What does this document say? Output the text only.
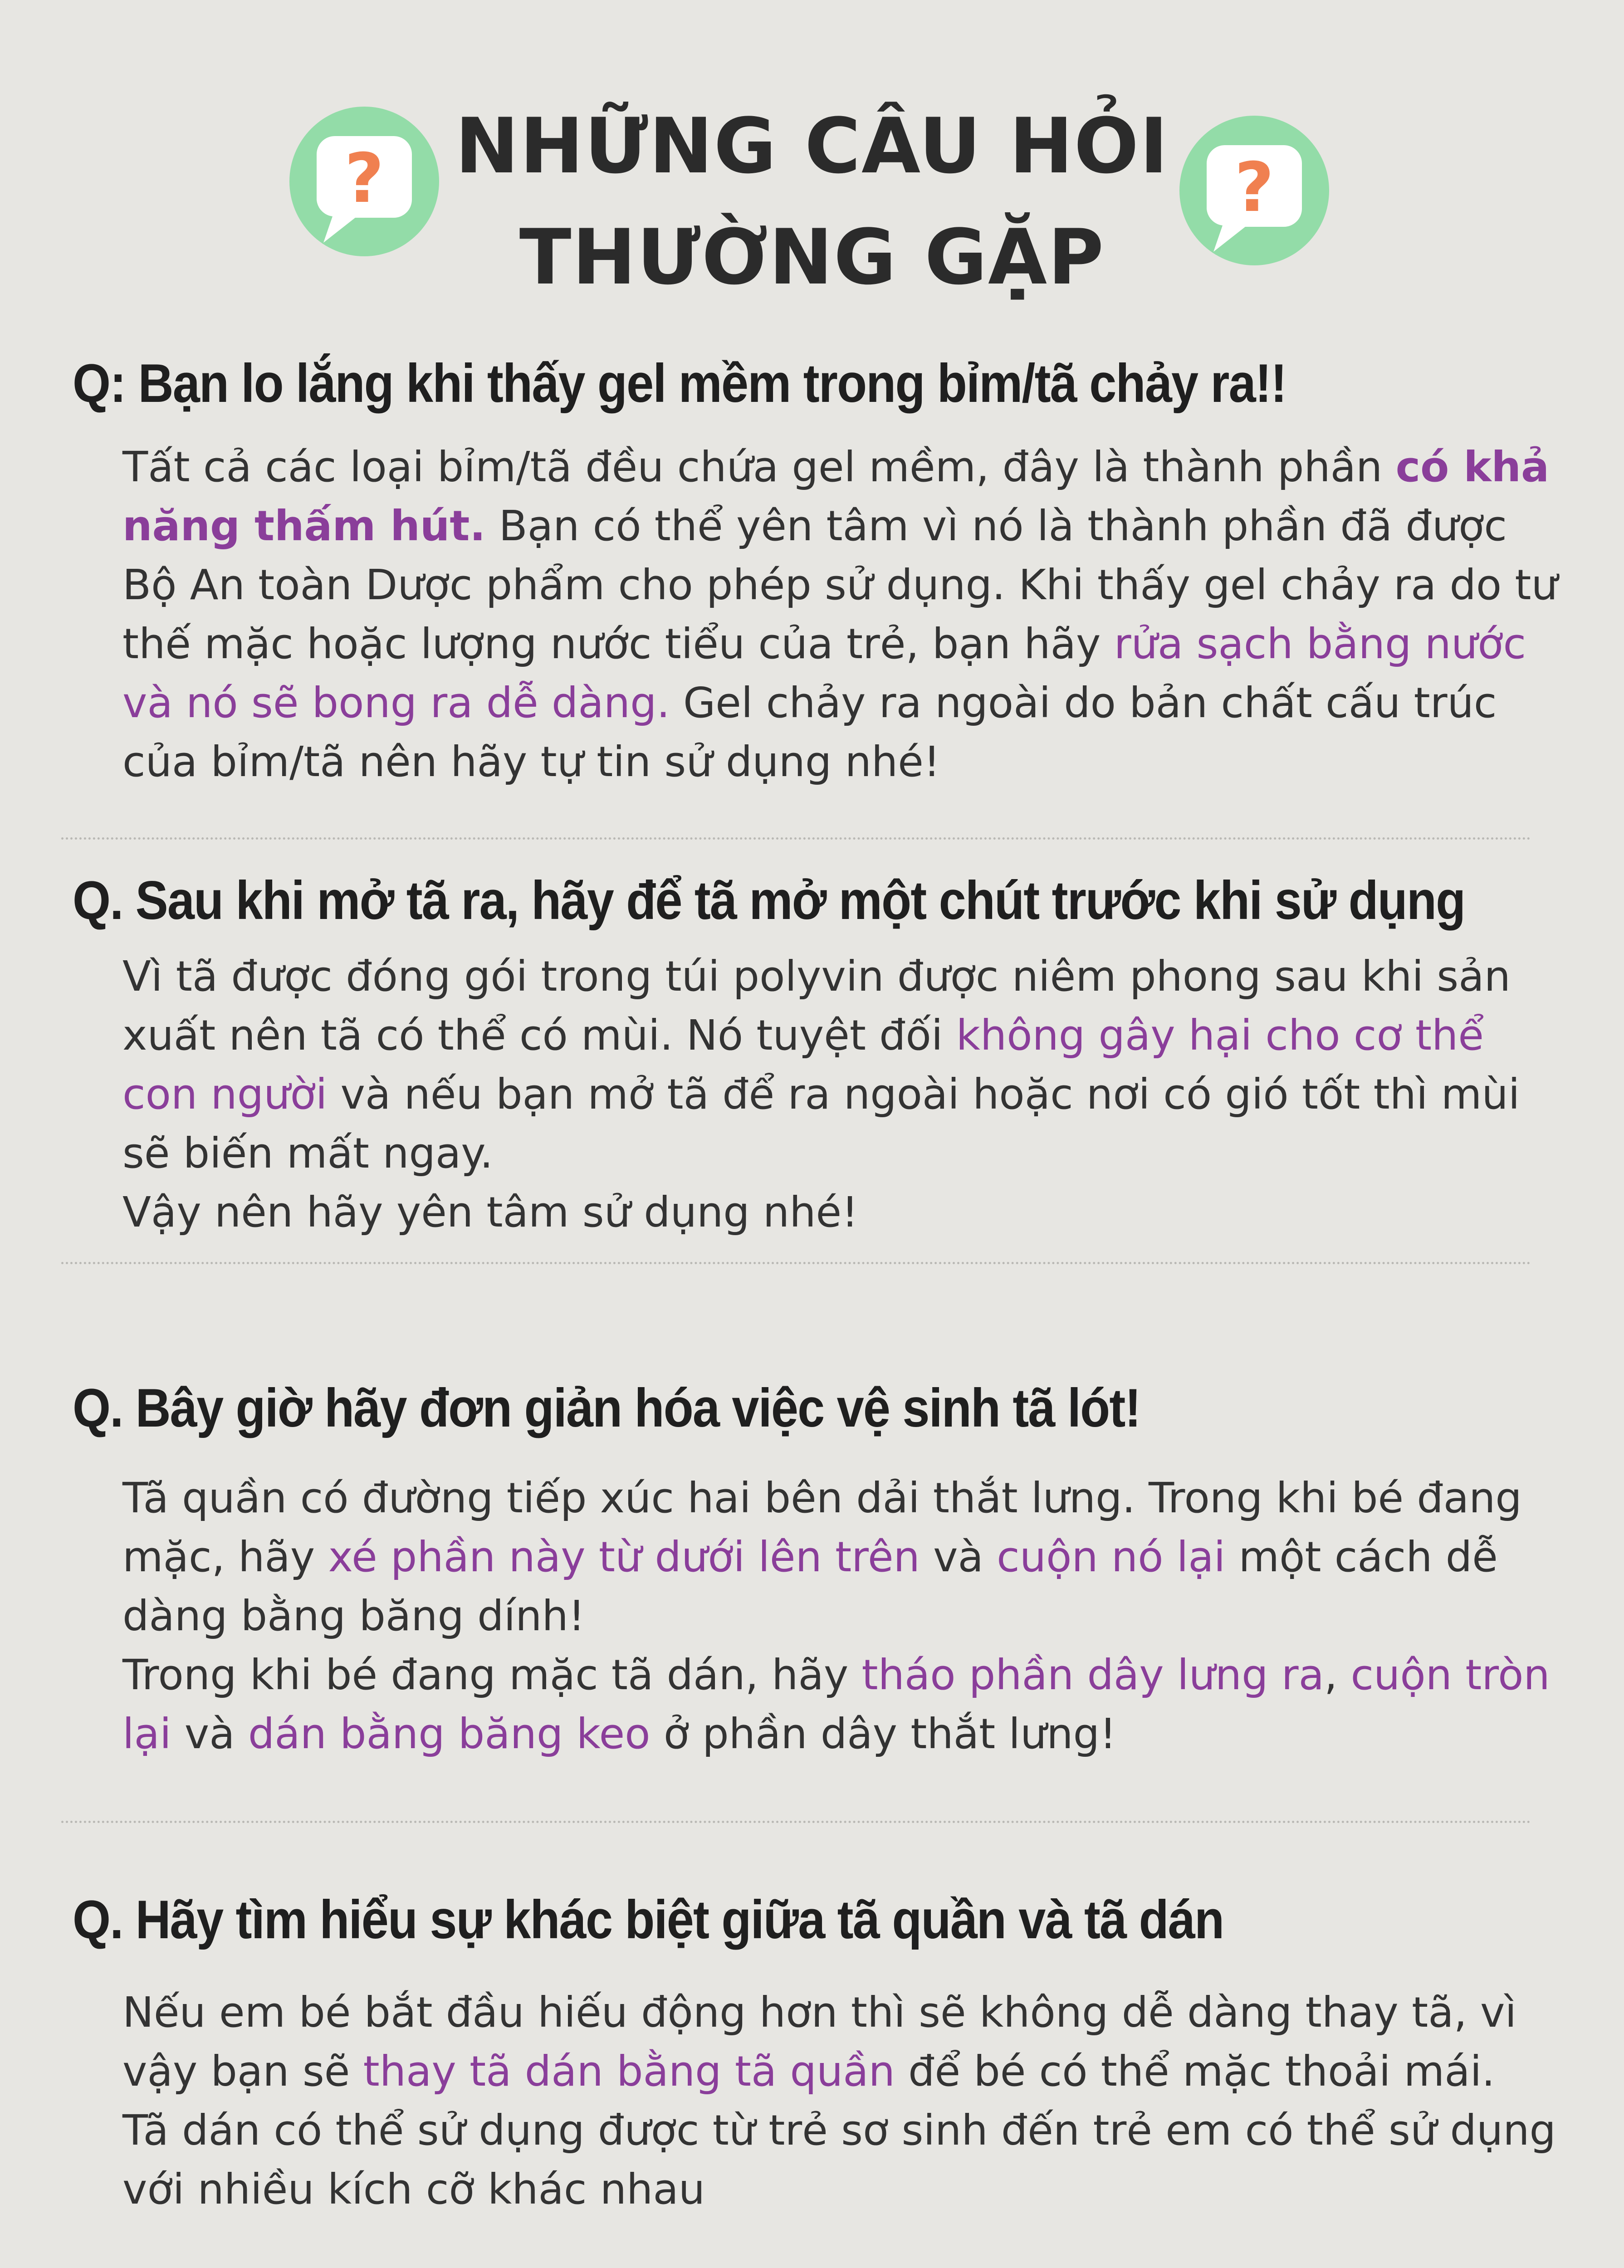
? NHỮNG CÂU HỎI
THƯỜNG GẶP
?
Q: Bạn lo lắng khi thấy gel mềm trong bỉm/tã chảy ra!!

Tất cả các loại bỉm/tã đều chứa gel mềm, đây là thành phần có khả năng thấm hút. Bạn có thể yên tâm vì nó là thành phần đã được Bộ An toàn Dược phẩm cho phép sử dụng. Khi thấy gel chảy ra do tư thế mặc hoặc lượng nước tiểu của trẻ, bạn hãy rửa sạch bằng nước và nó sẽ bong ra dễ dàng. Gel chảy ra ngoài do bản chất cấu trúc của bỉm/tã nên hãy tự tin sử dụng nhé!

Q. Sau khi mở tã ra, hãy để tã mở một chút trước khi sử dụng

Vì tã được đóng gói trong túi polyvin được niêm phong sau khi sản xuất nên tã có thể có mùi. Nó tuyệt đối không gây hại cho cơ thể con người và nếu bạn mở tã để ra ngoài hoặc nơi có gió tốt thì mùi sẽ biến mất ngay.

Vậy nên hãy yên tâm sử dụng nhé!

Q. Bây giờ hãy đơn giản hóa việc vệ sinh tã lót!

Tã quần có đường tiếp xúc hai bên dải thắt lưng. Trong khi bé đang mặc, hãy xé phần này từ dưới lên trên và cuộn nó lại một cách dễ dàng bằng băng dính!

Trong khi bé đang mặc tã dán, hãy tháo phần dây lưng ra, cuộn tròn lại và dán bằng băng keo ở phần dây thắt lưng!

Q. Hãy tìm hiểu sự khác biệt giữa tã quần và tã dán

Nếu em bé bắt đầu hiếu động hơn thì sẽ không dễ dàng thay tã, vì vậy bạn sẽ thay tã dán bằng tã quần để bé có thể mặc thoải mái.

Tã dán có thể sử dụng được từ trẻ sơ sinh đến trẻ em có thể sử dụng với nhiều kích cỡ khác nhau
